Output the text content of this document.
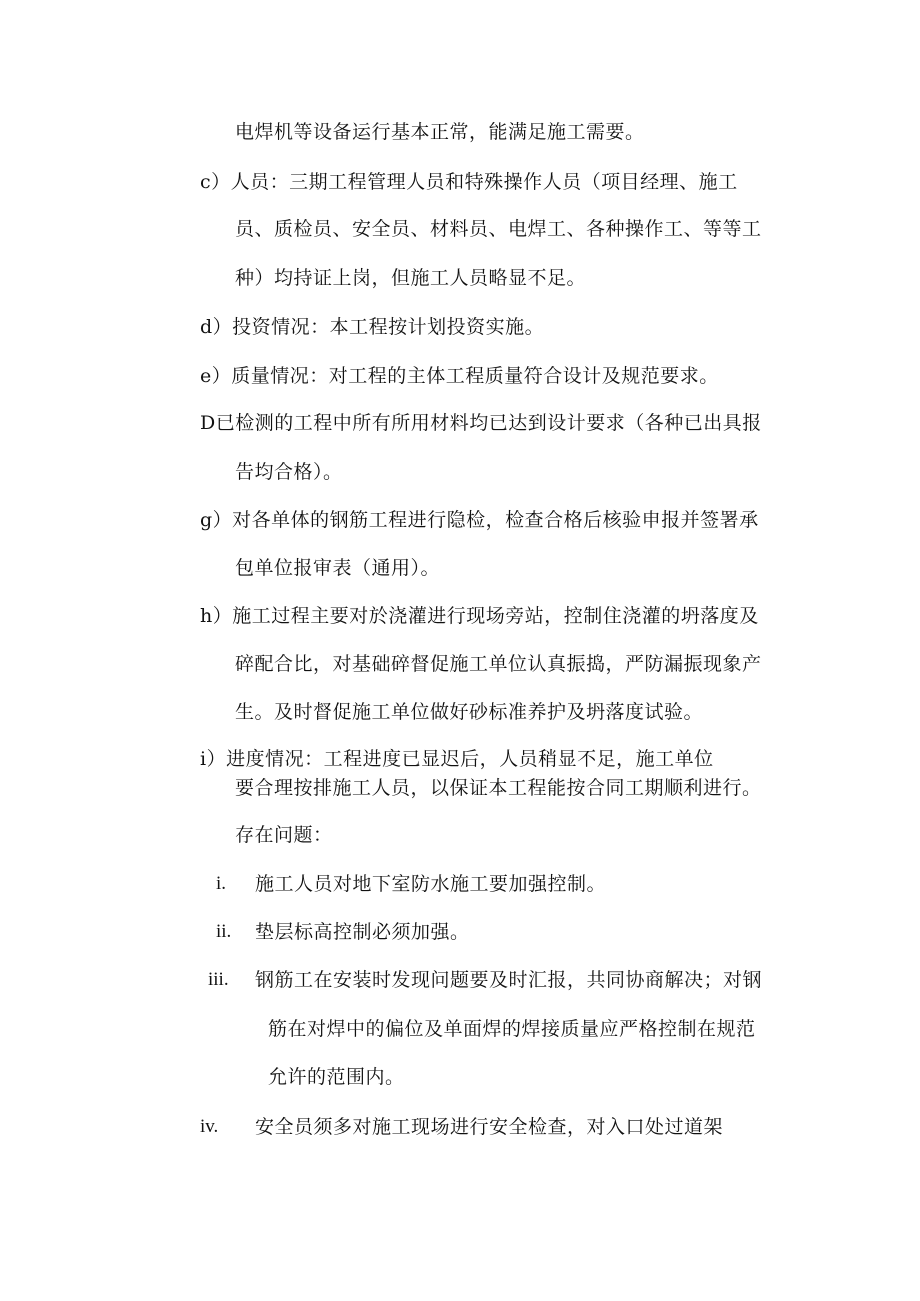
电焊机等设备运行基本正常，能满足施工需要。
c）人员：三期工程管理人员和特殊操作人员（项目经理、施工
员、质检员、安全员、材料员、电焊工、各种操作工、等等工
种）均持证上岗，但施工人员略显不足。
d）投资情况：本工程按计划投资实施。
e）质量情况：对工程的主体工程质量符合设计及规范要求。
D已检测的工程中所有所用材料均已达到设计要求（各种已出具报
告均合格）。
g）对各单体的钢筋工程进行隐检，检查合格后核验申报并签署承
包单位报审表（通用）。
h）施工过程主要对於浇灌进行现场旁站，控制住浇灌的坍落度及
碎配合比，对基础碎督促施工单位认真振捣，严防漏振现象产
生。及时督促施工单位做好砂标准养护及坍落度试验。
i）进度情况：工程进度已显迟后，人员稍显不足，施工单位
要合理按排施工人员，以保证本工程能按合同工期顺利进行。
存在问题：
i. 施工人员对地下室防水施工要加强控制。
ii. 垫层标高控制必须加强。
iii. 钢筋工在安装时发现问题要及时汇报，共同协商解决；对钢
筋在对焊中的偏位及单面焊的焊接质量应严格控制在规范
允许的范围内。
iv. 安全员须多对施工现场进行安全检查，对入口处过道架
